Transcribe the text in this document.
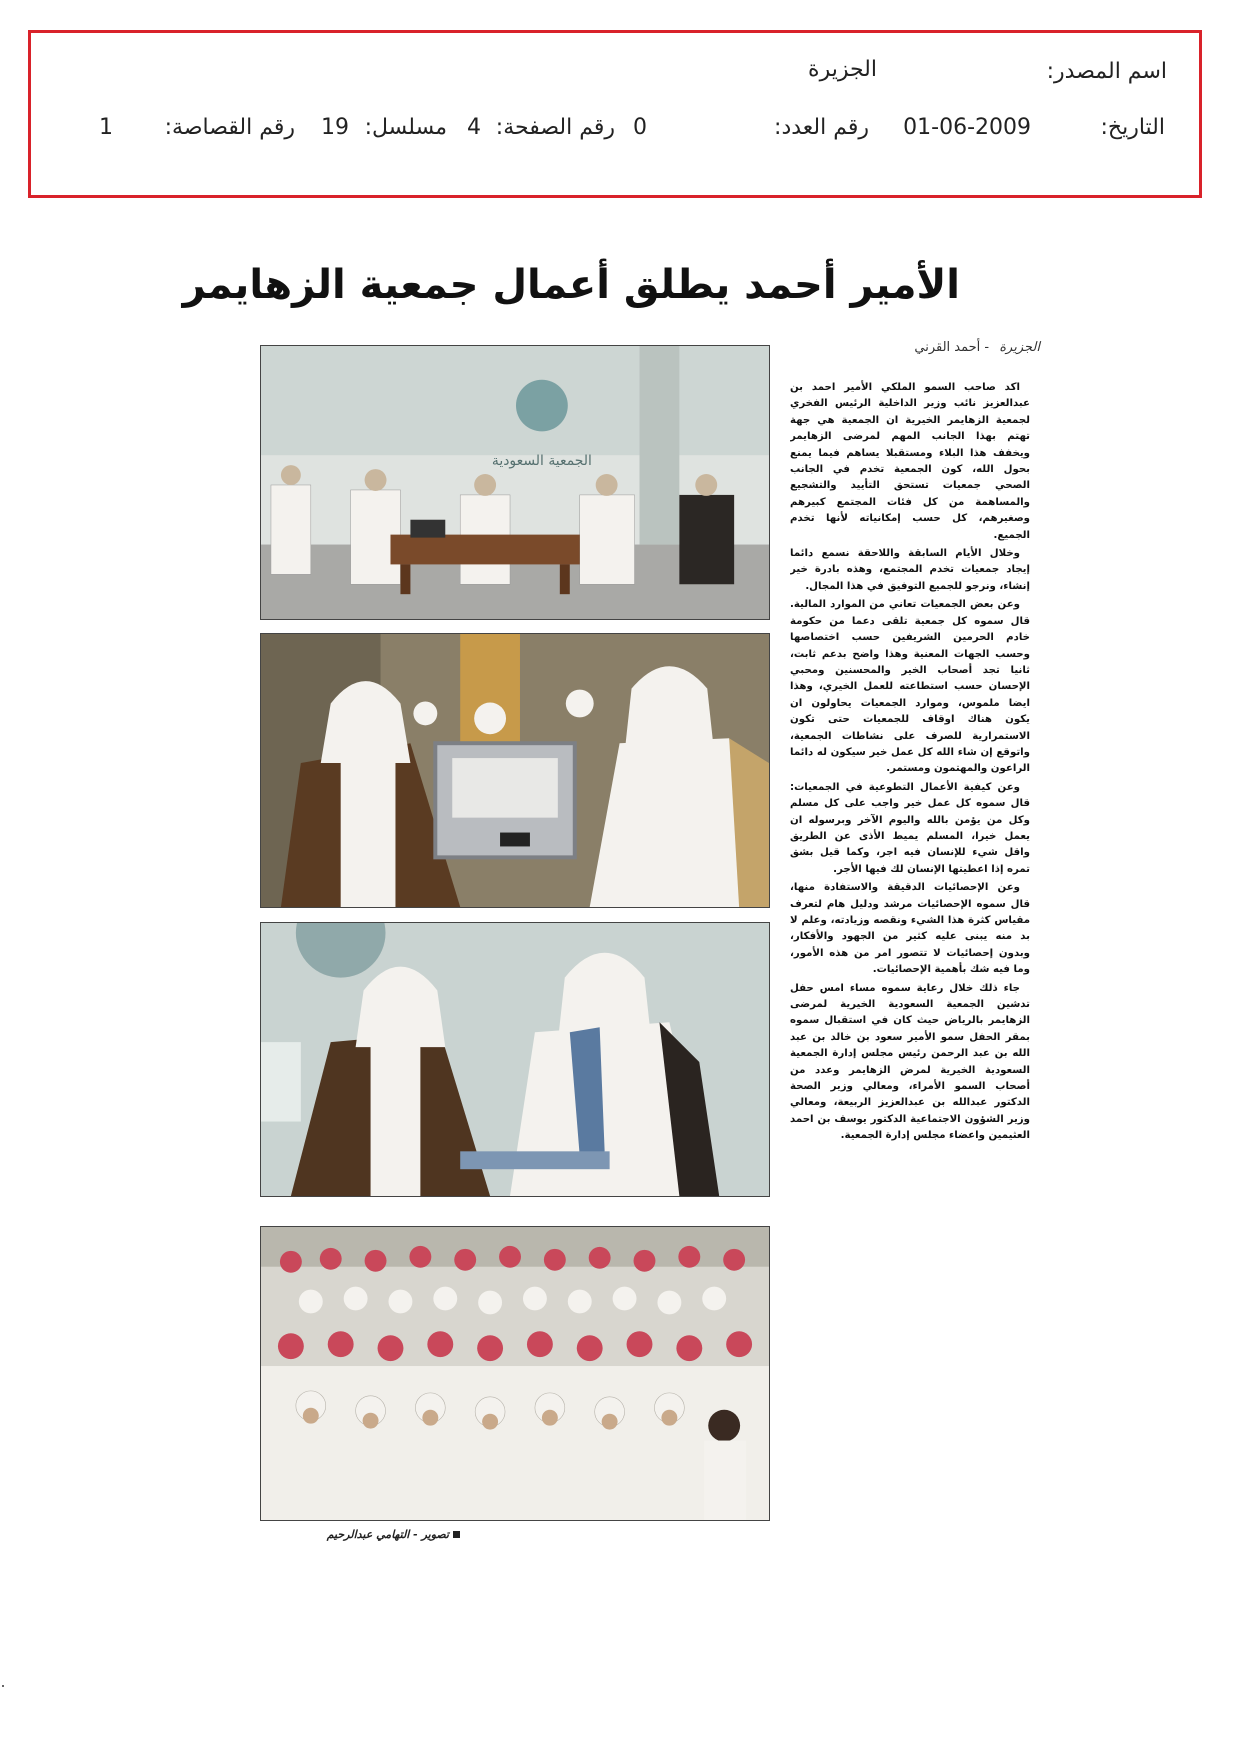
اسم المصدر:
الجزيرة
التاريخ:
01-06-2009
رقم العدد:
0
رقم الصفحة:
4
مسلسل:
19
رقم القصاصة:
1
الأمير أحمد يطلق أعمال جمعية الزهايمر
الجزيرة - أحمد القرني

اكد صاحب السمو الملكي الأمير احمد بن عبدالعزيز نائب وزير الداخلية الرئيس الفخري لجمعية الزهايمر الخيرية ان الجمعية هي جهة تهتم بهذا الجانب المهم لمرضى الزهايمر ويخفف هذا البلاء ومستقبلا يساهم فيما يمنع بحول الله، كون الجمعية تخدم في الجانب الصحي جمعيات تستحق التأييد والتشجيع والمساهمة من كل فئات المجتمع كبيرهم وصغيرهم، كل حسب إمكانياته لأنها تخدم الجميع.

وخلال الأيام السابقة واللاحقة نسمع دائما إيجاد جمعيات تخدم المجتمع، وهذه بادرة خير إنشاء، ونرجو للجميع التوفيق في هذا المجال.

وعن بعض الجمعيات تعاني من الموارد المالية. قال سموه كل جمعية تلقى دعما من حكومة خادم الحرمين الشريفين حسب اختصاصها وحسب الجهات المعنية وهذا واضح بدعم ثابت، ثانيا تجد أصحاب الخير والمحسنين ومحبي الإحسان حسب استطاعته للعمل الخيري، وهذا ايضا ملموس، وموارد الجمعيات يحاولون ان يكون هناك اوقاف للجمعيات حتى تكون الاستمرارية للصرف على نشاطات الجمعية، واتوقع إن شاء الله كل عمل خير سيكون له دائما الراعون والمهتمون ومستمر.

وعن كيفية الأعمال التطوعية في الجمعيات: قال سموه كل عمل خير واجب على كل مسلم وكل من يؤمن بالله واليوم الآخر وبرسوله ان يعمل خيرا، المسلم يميط الأذى عن الطريق واقل شيء للإنسان فيه اجر، وكما قيل بشق تمره إذا اعطيتها الإنسان لك فيها الأجر.

وعن الإحصائيات الدقيقة والاستفادة منها، قال سموه الإحصائيات مرشد ودليل هام لتعرف مقياس كثرة هذا الشيء ونقصه وزيادته، وعلم لا بد منه يبنى عليه كثير من الجهود والأفكار، وبدون إحصائيات لا تتصور امر من هذه الأمور، وما فيه شك بأهمية الإحصائيات.

جاء ذلك خلال رعاية سموه مساء امس حفل تدشين الجمعية السعودية الخيرية لمرضى الزهايمر بالرياض حيث كان في استقبال سموه بمقر الحفل سمو الأمير سعود بن خالد بن عبد الله بن عبد الرحمن رئيس مجلس إدارة الجمعية السعودية الخيرية لمرض الزهايمر وعدد من أصحاب السمو الأمراء، ومعالي وزير الصحة الدكتور عبدالله بن عبدالعزيز الربيعة، ومعالي وزير الشؤون الاجتماعية الدكتور يوسف بن احمد العثيمين واعضاء مجلس إدارة الجمعية.

الجمعية السعودية
تصوير - التهامي عبدالرحيم
